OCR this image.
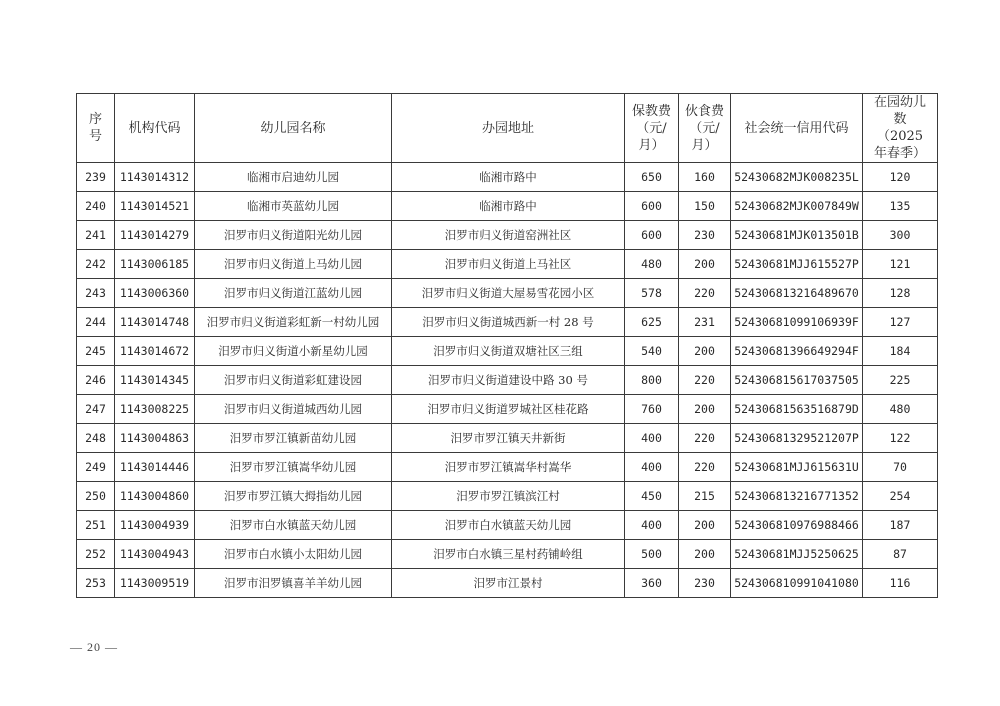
序号	机构代码	幼儿园名称	办园地址	保教费（元/月）	伙食费（元/月）	社会统一信用代码	在园幼儿数（2025年春季）
239	1143014312	临湘市启迪幼儿园	临湘市路中	650	160	52430682MJK008235L	120
240	1143014521	临湘市英蓝幼儿园	临湘市路中	600	150	52430682MJK007849W	135
241	1143014279	汨罗市归义街道阳光幼儿园	汨罗市归义街道窑洲社区	600	230	52430681MJK013501B	300
242	1143006185	汨罗市归义街道上马幼儿园	汨罗市归义街道上马社区	480	200	52430681MJJ615527P	121
243	1143006360	汨罗市归义街道江蓝幼儿园	汨罗市归义街道大屋易雪花园小区	578	220	524306813216489670	128
244	1143014748	汨罗市归义街道彩虹新一村幼儿园	汨罗市归义街道城西新一村 28 号	625	231	52430681099106939F	127
245	1143014672	汨罗市归义街道小新星幼儿园	汨罗市归义街道双塘社区三组	540	200	52430681396649294F	184
246	1143014345	汨罗市归义街道彩虹建设园	汨罗市归义街道建设中路 30 号	800	220	524306815617037505	225
247	1143008225	汨罗市归义街道城西幼儿园	汨罗市归义街道罗城社区桂花路	760	200	52430681563516879D	480
248	1143004863	汨罗市罗江镇新苗幼儿园	汨罗市罗江镇天井新街	400	220	52430681329521207P	122
249	1143014446	汨罗市罗江镇嵩华幼儿园	汨罗市罗江镇嵩华村嵩华	400	220	52430681MJJ615631U	70
250	1143004860	汨罗市罗江镇大拇指幼儿园	汨罗市罗江镇滨江村	450	215	524306813216771352	254
251	1143004939	汨罗市白水镇蓝天幼儿园	汨罗市白水镇蓝天幼儿园	400	200	524306810976988466	187
252	1143004943	汨罗市白水镇小太阳幼儿园	汨罗市白水镇三星村药铺岭组	500	200	52430681MJJ5250625	87
253	1143009519	汨罗市汨罗镇喜羊羊幼儿园	汨罗市江景村	360	230	524306810991041080	116
— 20 —
